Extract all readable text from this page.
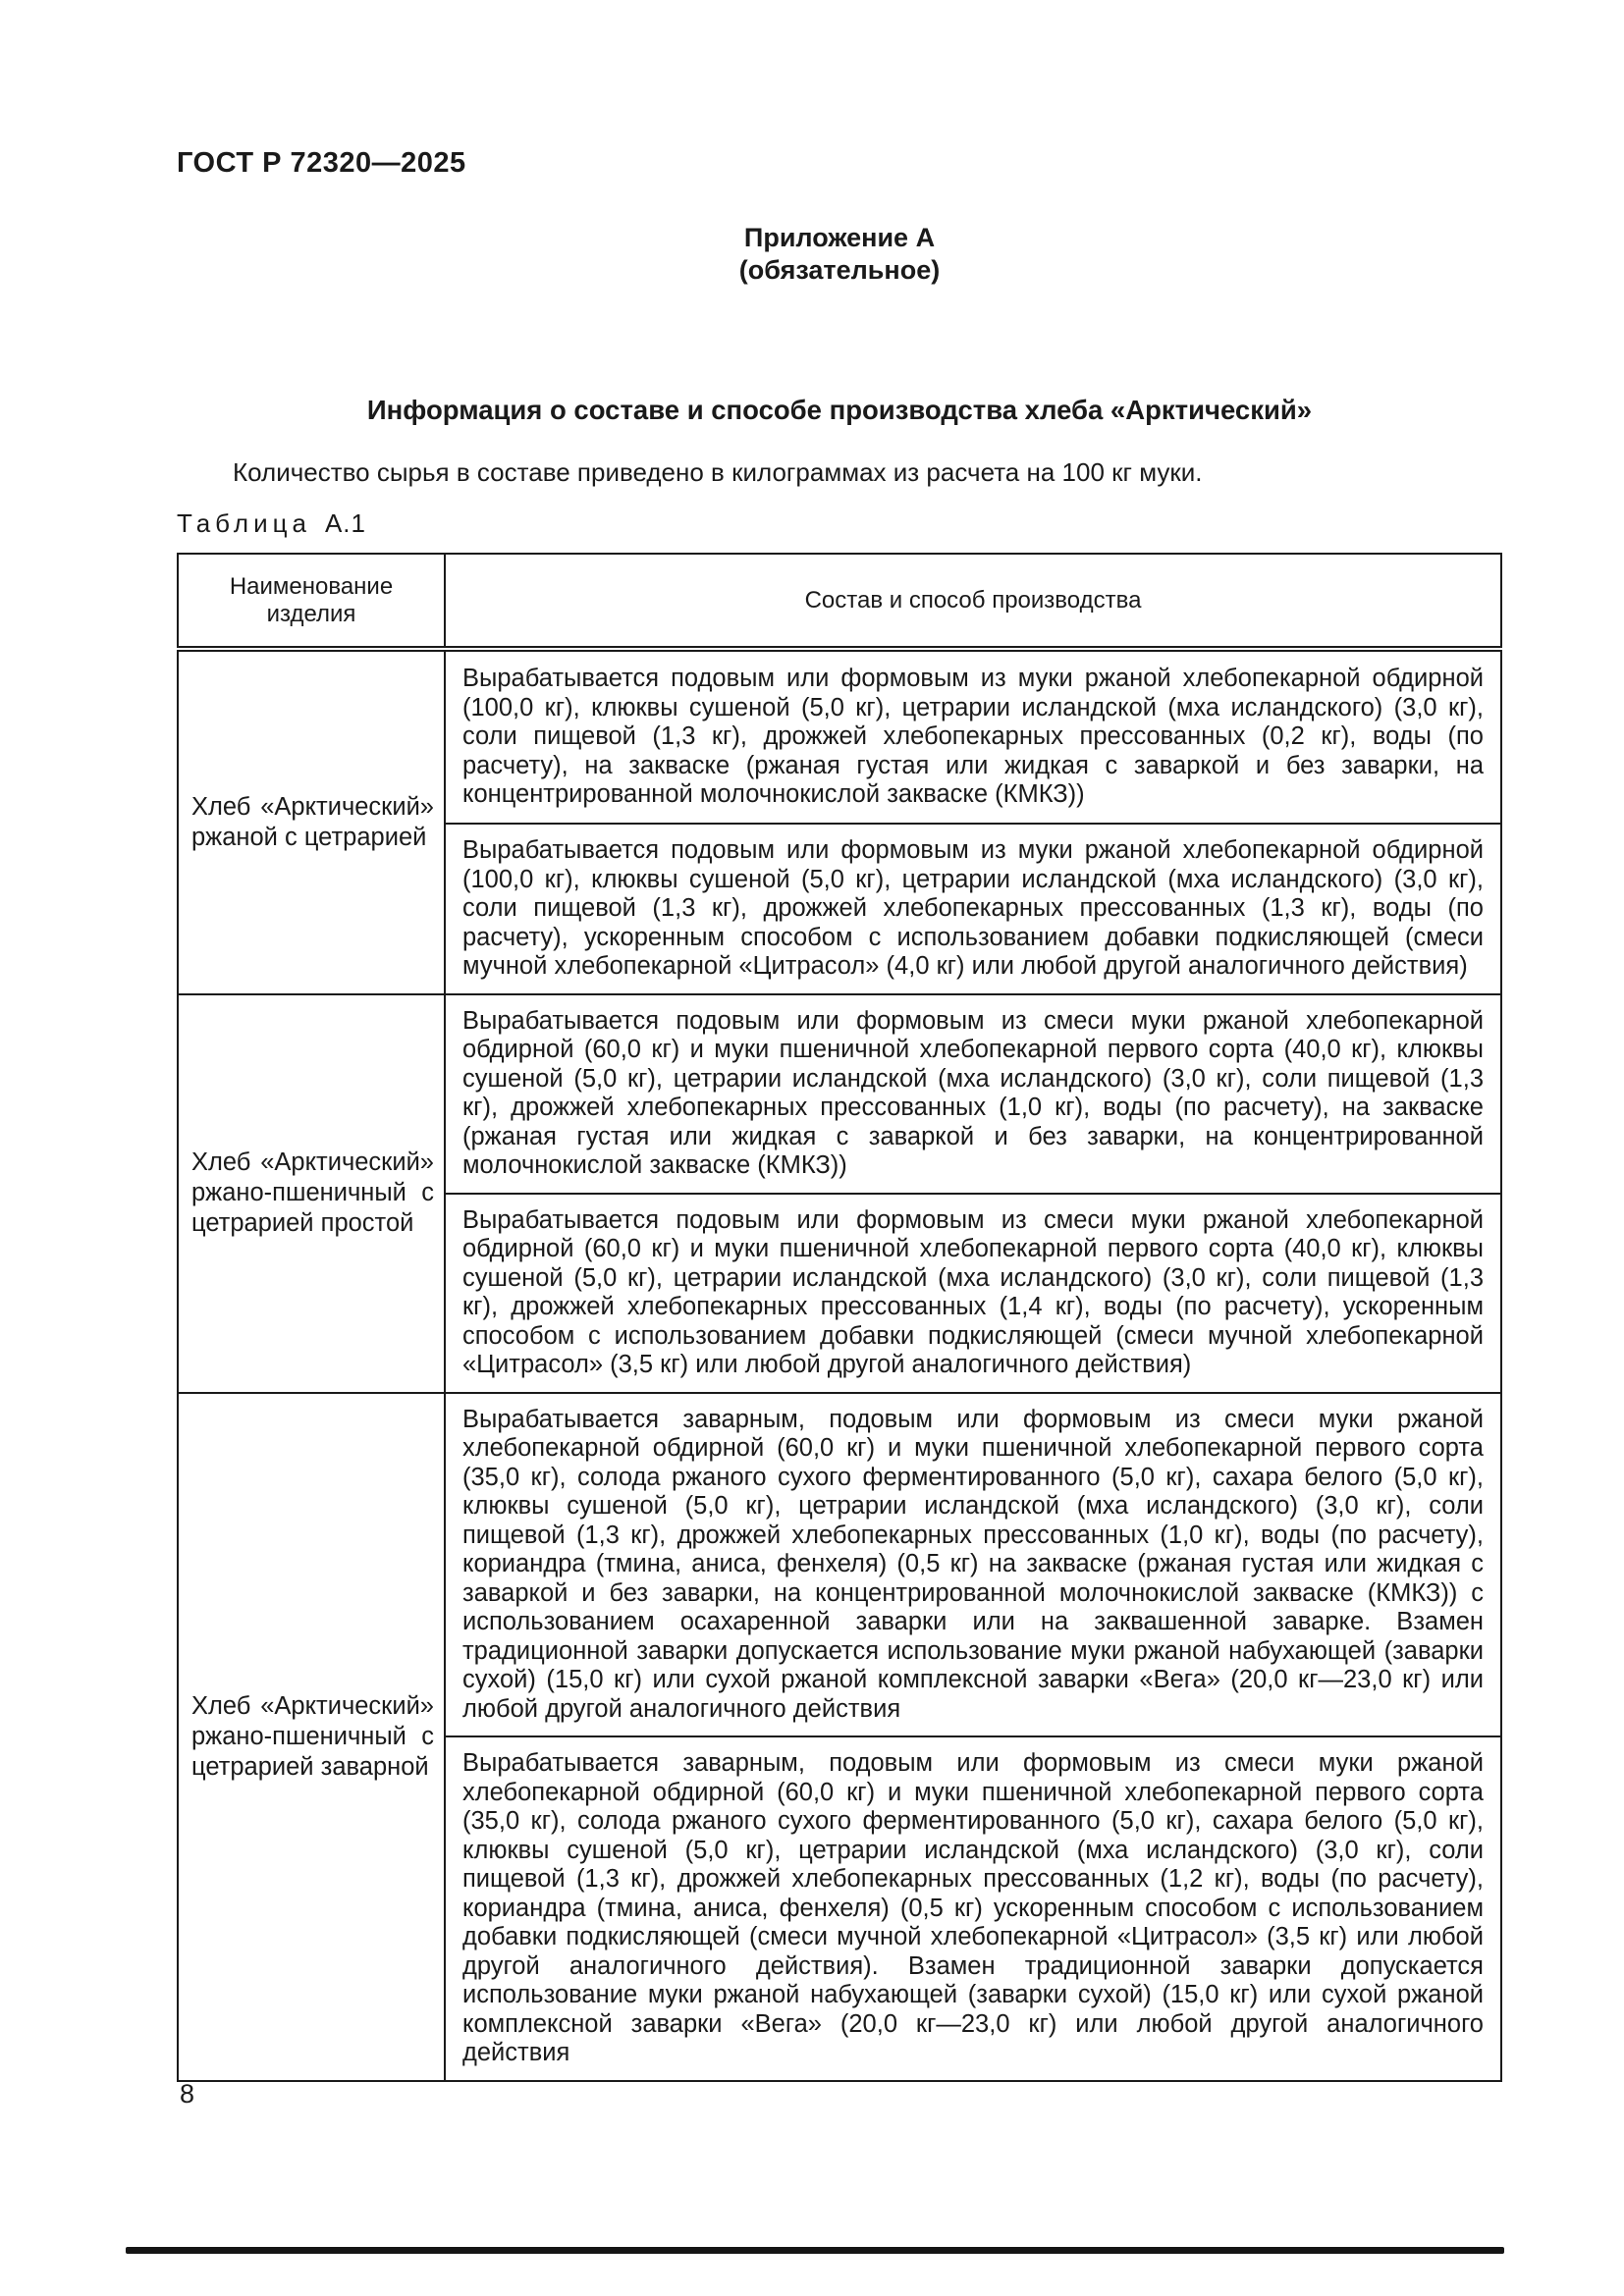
ГОСТ Р 72320—2025
Приложение А
(обязательное)
Информация о составе и способе производства хлеба «Арктический»
Количество сырья в составе приведено в килограммах из расчета на 100 кг муки.
Таблица А.1
Наименование изделия	Состав и способ производства
Хлеб «Арктический» ржаной с цетрарией	Вырабатывается подовым или формовым из муки ржаной хлебопекарной обдирной (100,0 кг), клюквы сушеной (5,0 кг), цетрарии исландской (мха исландского) (3,0 кг), соли пищевой (1,3 кг), дрожжей хлебопекарных прессованных (0,2 кг), воды (по расчету), на закваске (ржаная густая или жидкая с заваркой и без заварки, на концентрированной молочнокислой закваске (КМКЗ))
	Вырабатывается подовым или формовым из муки ржаной хлебопекарной обдирной (100,0 кг), клюквы сушеной (5,0 кг), цетрарии исландской (мха исландского) (3,0 кг), соли пищевой (1,3 кг), дрожжей хлебопекарных прессованных (1,3 кг), воды (по расчету), ускоренным способом с использованием добавки подкисляющей (смеси мучной хлебопекарной «Цитрасол» (4,0 кг) или любой другой аналогичного действия)
Хлеб «Арктический» ржано-пшеничный с цетрарией простой	Вырабатывается подовым или формовым из смеси муки ржаной хлебопекарной обдирной (60,0 кг) и муки пшеничной хлебопекарной первого сорта (40,0 кг), клюквы сушеной (5,0 кг), цетрарии исландской (мха исландского) (3,0 кг), соли пищевой (1,3 кг), дрожжей хлебопекарных прессованных (1,0 кг), воды (по расчету), на закваске (ржаная густая или жидкая с заваркой и без заварки, на концентрированной молочнокислой закваске (КМКЗ))
	Вырабатывается подовым или формовым из смеси муки ржаной хлебопекарной обдирной (60,0 кг) и муки пшеничной хлебопекарной первого сорта (40,0 кг), клюквы сушеной (5,0 кг), цетрарии исландской (мха исландского) (3,0 кг), соли пищевой (1,3 кг), дрожжей хлебопекарных прессованных (1,4 кг), воды (по расчету), ускоренным способом с использованием добавки подкисляющей (смеси мучной хлебопекарной «Цитрасол» (3,5 кг) или любой другой аналогичного действия)
Хлеб «Арктический» ржано-пшеничный с цетрарией заварной	Вырабатывается заварным, подовым или формовым из смеси муки ржаной хлебопекарной обдирной (60,0 кг) и муки пшеничной хлебопекарной первого сорта (35,0 кг), солода ржаного сухого ферментированного (5,0 кг), сахара белого (5,0 кг), клюквы сушеной (5,0 кг), цетрарии исландской (мха исландского) (3,0 кг), соли пищевой (1,3 кг), дрожжей хлебопекарных прессованных (1,0 кг), воды (по расчету), кориандра (тмина, аниса, фенхеля) (0,5 кг) на закваске (ржаная густая или жидкая с заваркой и без заварки, на концентрированной молочнокислой закваске (КМКЗ)) с использованием осахаренной заварки или на заквашенной заварке. Взамен традиционной заварки допускается использование муки ржаной набухающей (заварки сухой) (15,0 кг) или сухой ржаной комплексной заварки «Вега» (20,0 кг—23,0 кг) или любой другой аналогичного действия
	Вырабатывается заварным, подовым или формовым из смеси муки ржаной хлебопекарной обдирной (60,0 кг) и муки пшеничной хлебопекарной первого сорта (35,0 кг), солода ржаного сухого ферментированного (5,0 кг), сахара белого (5,0 кг), клюквы сушеной (5,0 кг), цетрарии исландской (мха исландского) (3,0 кг), соли пищевой (1,3 кг), дрожжей хлебопекарных прессованных (1,2 кг), воды (по расчету), кориандра (тмина, аниса, фенхеля) (0,5 кг) ускоренным способом с использованием добавки подкисляющей (смеси мучной хлебопекарной «Цитрасол» (3,5 кг) или любой другой аналогичного действия). Взамен традиционной заварки допускается использование муки ржаной набухающей (заварки сухой) (15,0 кг) или сухой ржаной комплексной заварки «Вега» (20,0 кг—23,0 кг) или любой другой аналогичного действия
8
